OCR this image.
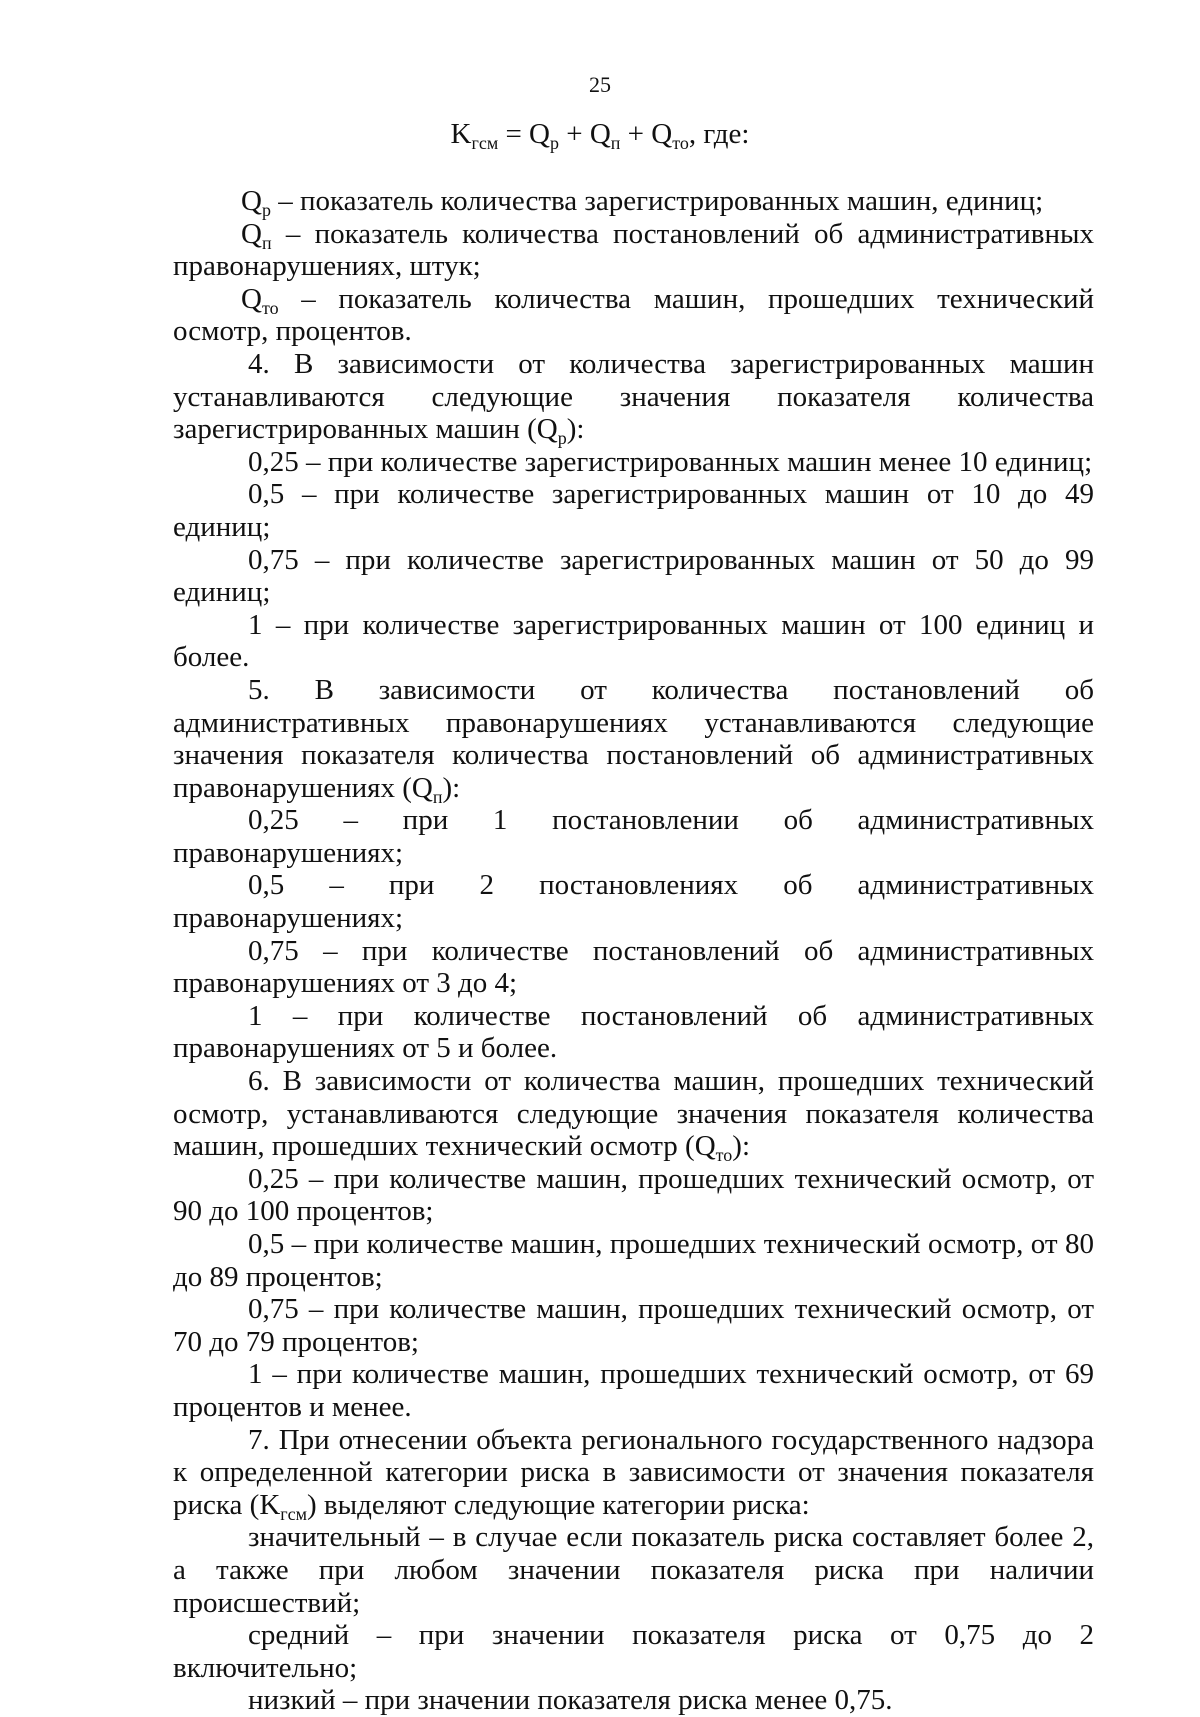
25
$K_{гсм} = Q_р + Q_п + Q_{то}$, где:

$Q_р$ – показатель количества зарегистрированных машин, единиц;

$Q_п$ – показатель количества постановлений об административных правонарушениях, штук;

$Q_{то}$ – показатель количества машин, прошедших технический осмотр, процентов.

4. В зависимости от количества зарегистрированных машин устанавливаются следующие значения показателя количества зарегистрированных машин $(Q_р)$:

0,25 – при количестве зарегистрированных машин менее 10 единиц;

0,5 – при количестве зарегистрированных машин от 10 до 49 единиц;

0,75 – при количестве зарегистрированных машин от 50 до 99 единиц;

1 – при количестве зарегистрированных машин от 100 единиц и более.

5. В зависимости от количества постановлений об административных правонарушениях устанавливаются следующие значения показателя количества постановлений об административных правонарушениях $(Q_п)$:

0,25 – при 1 постановлении об административных правонарушениях;

0,5 – при 2 постановлениях об административных правонарушениях;

0,75 – при количестве постановлений об административных правонарушениях от 3 до 4;

1 – при количестве постановлений об административных правонарушениях от 5 и более.

6. В зависимости от количества машин, прошедших технический осмотр, устанавливаются следующие значения показателя количества машин, прошедших технический осмотр $(Q_{то})$:

0,25 – при количестве машин, прошедших технический осмотр, от 90 до 100 процентов;

0,5 – при количестве машин, прошедших технический осмотр, от 80 до 89 процентов;

0,75 – при количестве машин, прошедших технический осмотр, от 70 до 79 процентов;

1 – при количестве машин, прошедших технический осмотр, от 69 процентов и менее.

7. При отнесении объекта регионального государственного надзора к определенной категории риска в зависимости от значения показателя риска $(K_{гсм})$ выделяют следующие категории риска:

значительный – в случае если показатель риска составляет более 2, а также при любом значении показателя риска при наличии происшествий;

средний – при значении показателя риска от 0,75 до 2 включительно;

низкий – при значении показателя риска менее 0,75.
